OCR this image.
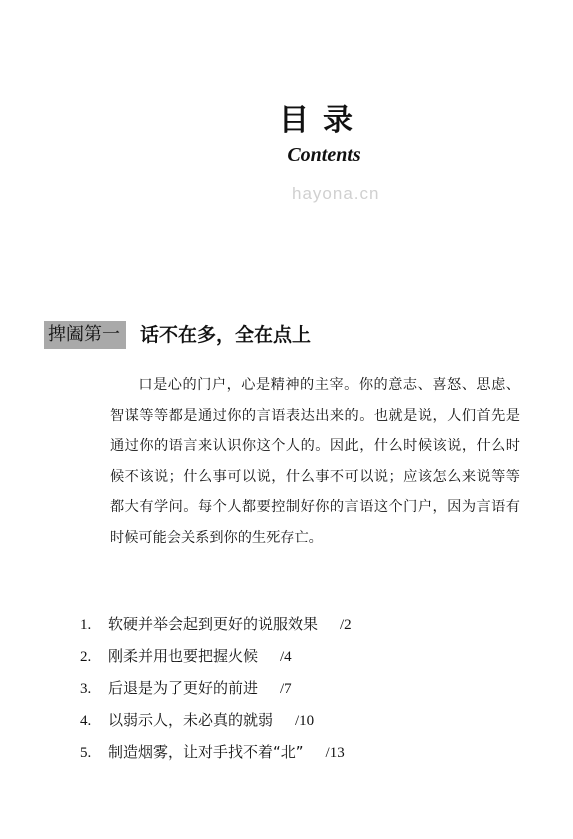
目录
Contents
hayona.cn
捭阖第一	话不在多，全在点上

口是心的门户，心是精神的主宰。你的意志、喜怒、思虑、智谋等等都是通过你的言语表达出来的。也就是说，人们首先是通过你的语言来认识你这个人的。因此，什么时候该说，什么时候不该说；什么事可以说，什么事不可以说；应该怎么来说等等都大有学问。每个人都要控制好你的言语这个门户，因为言语有时候可能会关系到你的生死存亡。

1.	软硬并举会起到更好的说服效果 /2
2.	刚柔并用也要把握火候 /4
3.	后退是为了更好的前进 /7
4.	以弱示人，未必真的就弱 /10
5.	制造烟雾，让对手找不着“北” /13
